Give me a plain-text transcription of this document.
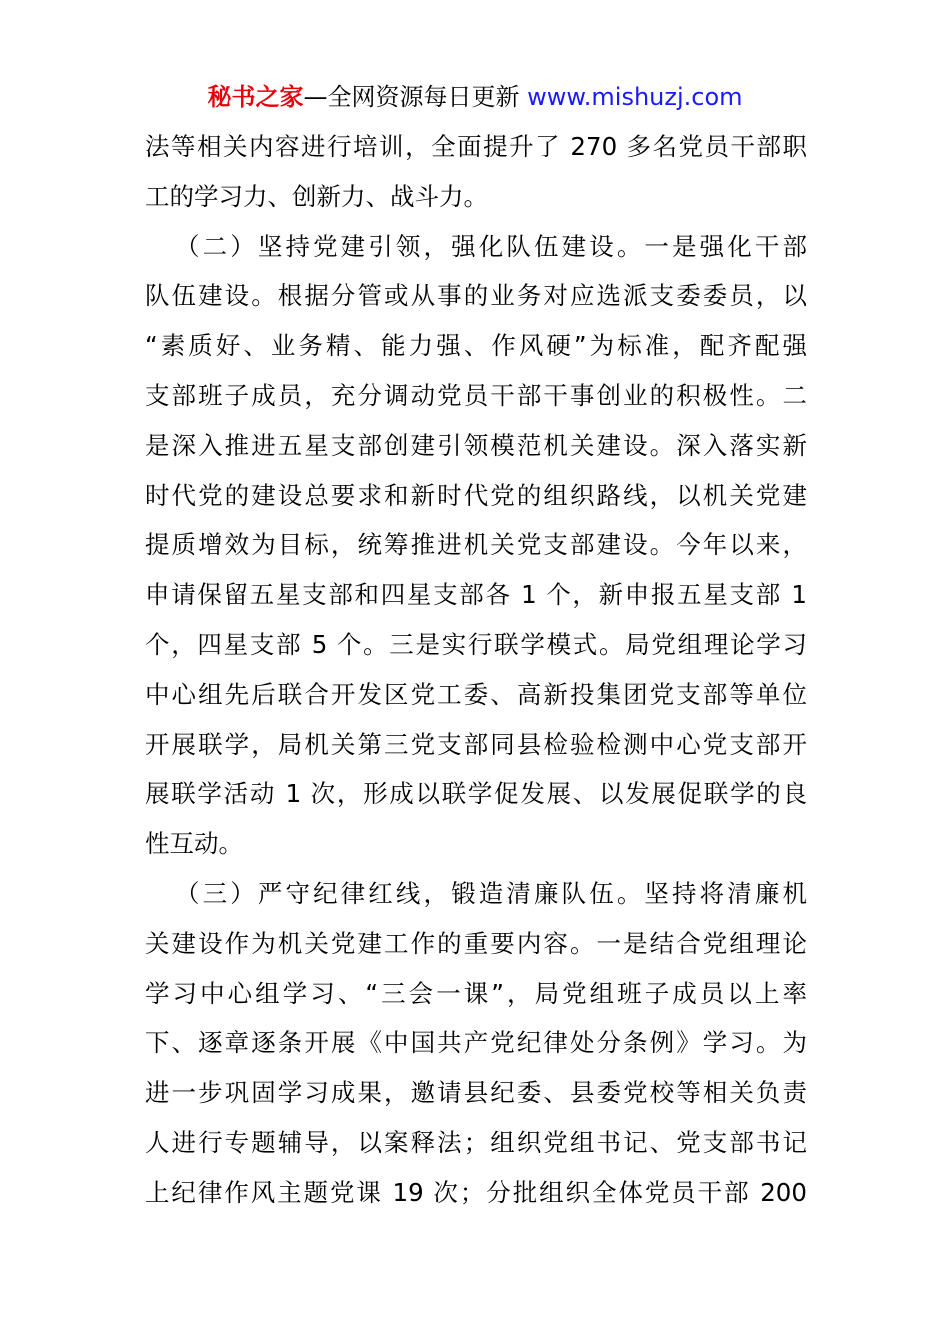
秘书之家—全网资源每日更新 www.mishuzj.com
法等相关内容进行培训，全面提升了 270 多名党员干部职
工的学习力、创新力、战斗力。
（二）坚持党建引领，强化队伍建设。一是强化干部
队伍建设。根据分管或从事的业务对应选派支委委员，以
“素质好、业务精、能力强、作风硬”为标准，配齐配强
支部班子成员，充分调动党员干部干事创业的积极性。二
是深入推进五星支部创建引领模范机关建设。深入落实新
时代党的建设总要求和新时代党的组织路线，以机关党建
提质增效为目标，统筹推进机关党支部建设。今年以来，
申请保留五星支部和四星支部各 1 个，新申报五星支部 1
个，四星支部 5 个。三是实行联学模式。局党组理论学习
中心组先后联合开发区党工委、高新投集团党支部等单位
开展联学，局机关第三党支部同县检验检测中心党支部开
展联学活动 1 次，形成以联学促发展、以发展促联学的良
性互动。
（三）严守纪律红线，锻造清廉队伍。坚持将清廉机
关建设作为机关党建工作的重要内容。一是结合党组理论
学习中心组学习、“三会一课”，局党组班子成员以上率
下、逐章逐条开展《中国共产党纪律处分条例》学习。为
进一步巩固学习成果，邀请县纪委、县委党校等相关负责
人进行专题辅导，以案释法；组织党组书记、党支部书记
上纪律作风主题党课 19 次；分批组织全体党员干部 200
